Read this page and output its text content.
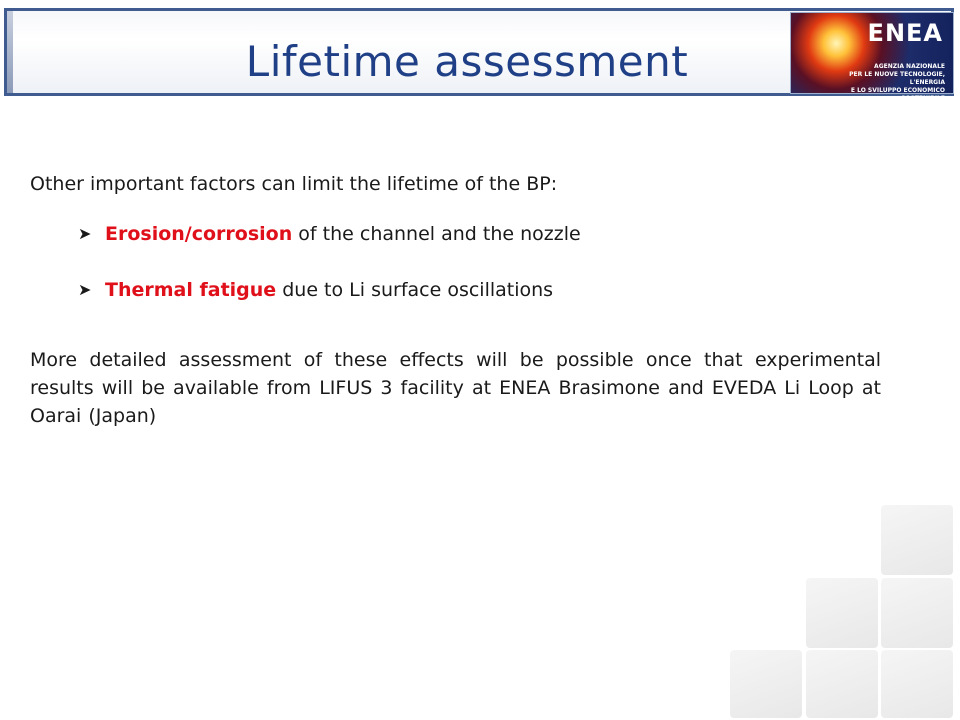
Lifetime assessment
ENEA
AGENZIA NAZIONALE
PER LE NUOVE TECNOLOGIE, L'ENERGIA
E LO SVILUPPO ECONOMICO SOSTENIBILE

Other important factors can limit the lifetime of the BP:

➤ Erosion/corrosion of the channel and the nozzle
➤ Thermal fatigue due to Li surface oscillations

More detailed assessment of these effects will be possible once that experimental results will be available from LIFUS 3 facility at ENEA Brasimone and EVEDA Li Loop at Oarai (Japan)
